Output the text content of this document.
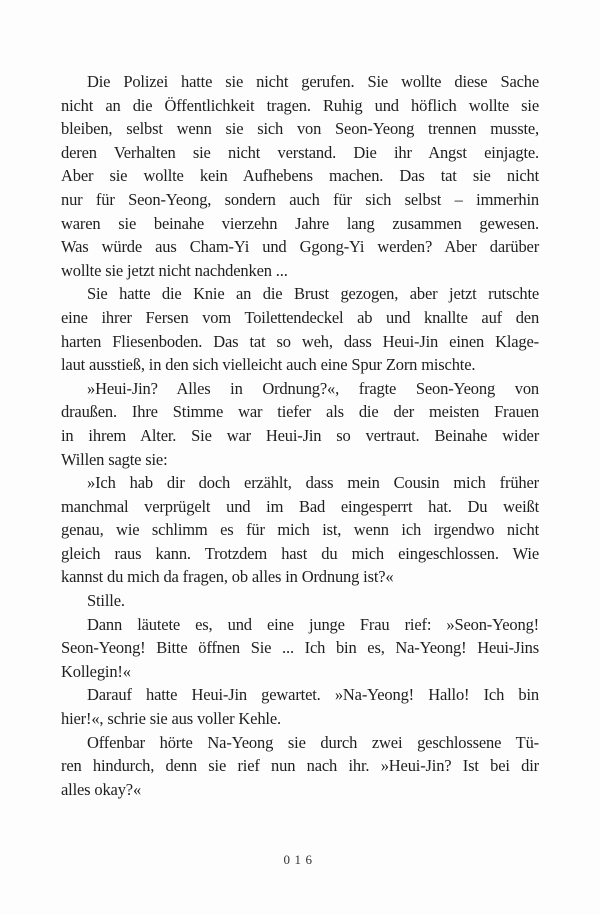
Die Polizei hatte sie nicht gerufen. Sie wollte diese Sache
nicht an die Öffentlichkeit tragen. Ruhig und höflich wollte sie
bleiben, selbst wenn sie sich von Seon-Yeong trennen musste,
deren Verhalten sie nicht verstand. Die ihr Angst einjagte.
Aber sie wollte kein Aufhebens machen. Das tat sie nicht
nur für Seon-Yeong, sondern auch für sich selbst – immerhin
waren sie beinahe vierzehn Jahre lang zusammen gewesen.
Was würde aus Cham-Yi und Ggong-Yi werden? Aber darüber
wollte sie jetzt nicht nachdenken ...

Sie hatte die Knie an die Brust gezogen, aber jetzt rutschte
eine ihrer Fersen vom Toilettendeckel ab und knallte auf den
harten Fliesenboden. Das tat so weh, dass Heui-Jin einen Klage-
laut ausstieß, in den sich vielleicht auch eine Spur Zorn mischte.

»Heui-Jin? Alles in Ordnung?«, fragte Seon-Yeong von
draußen. Ihre Stimme war tiefer als die der meisten Frauen
in ihrem Alter. Sie war Heui-Jin so vertraut. Beinahe wider
Willen sagte sie:

»Ich hab dir doch erzählt, dass mein Cousin mich früher
manchmal verprügelt und im Bad eingesperrt hat. Du weißt
genau, wie schlimm es für mich ist, wenn ich irgendwo nicht
gleich raus kann. Trotzdem hast du mich eingeschlossen. Wie
kannst du mich da fragen, ob alles in Ordnung ist?«

Stille.

Dann läutete es, und eine junge Frau rief: »Seon-Yeong!
Seon-Yeong! Bitte öffnen Sie ... Ich bin es, Na-Yeong! Heui-Jins
Kollegin!«

Darauf hatte Heui-Jin gewartet. »Na-Yeong! Hallo! Ich bin
hier!«, schrie sie aus voller Kehle.

Offenbar hörte Na-Yeong sie durch zwei geschlossene Tü-
ren hindurch, denn sie rief nun nach ihr. »Heui-Jin? Ist bei dir
alles okay?«

016
